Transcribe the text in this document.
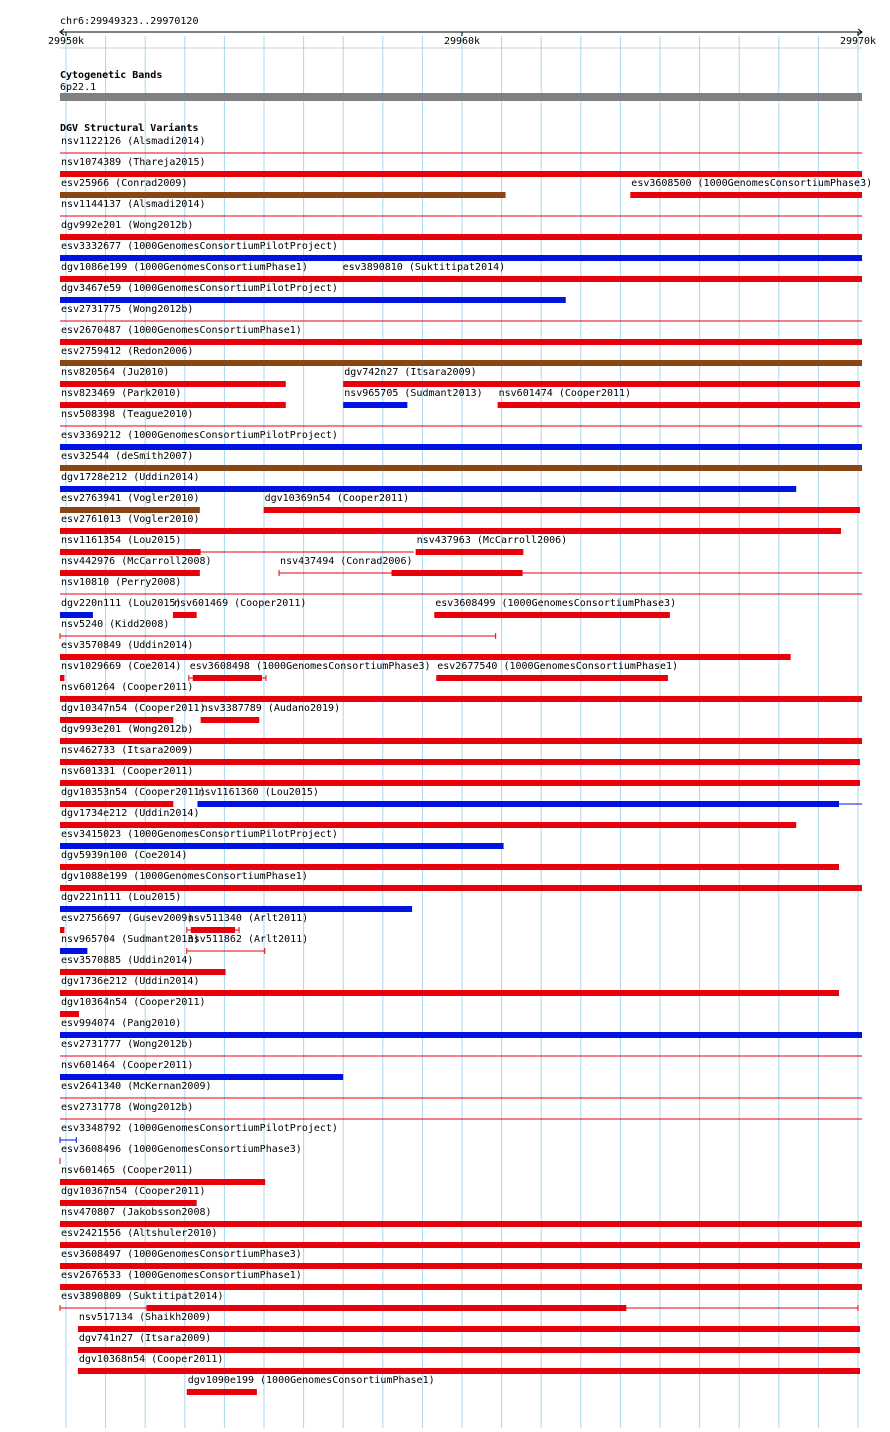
chr6:29949323..29970120
29950k	29960k	29970k
Cytogenetic Bands
6p22.1
DGV Structural Variants
nsv1122126 (Alsmadi2014)
nsv1074389 (Thareja2015)
esv25966 (Conrad2009)	esv3608500 (1000GenomesConsortiumPhase3)
nsv1144137 (Alsmadi2014)
dgv992e201 (Wong2012b)
esv3332677 (1000GenomesConsortiumPilotProject)
dgv1086e199 (1000GenomesConsortiumPhase1)	esv3890810 (Suktitipat2014)
dgv3467e59 (1000GenomesConsortiumPilotProject)
esv2731775 (Wong2012b)
esv2670487 (1000GenomesConsortiumPhase1)
esv2759412 (Redon2006)
nsv820564 (Ju2010)	dgv742n27 (Itsara2009)
nsv823469 (Park2010)	nsv965705 (Sudmant2013) nsv601474 (Cooper2011)
nsv508398 (Teague2010)
esv3369212 (1000GenomesConsortiumPilotProject)
esv32544 (deSmith2007)
dgv1728e212 (Uddin2014)
esv2763941 (Vogler2010)	dgv10369n54 (Cooper2011)
esv2761013 (Vogler2010)
nsv1161354 (Lou2015)	nsv437963 (McCarroll2006)
nsv442976 (McCarroll2008)	nsv437494 (Conrad2006)
nsv10810 (Perry2008)
dgv220n111 (Lou2015)
nsv601469 (Cooper2011)	esv3608499 (1000GenomesConsortiumPhase3)
nsv5240 (Kidd2008)
esv3570849 (Uddin2014)
nsv1029669 (Coe2014) esv3608498 (1000GenomesConsortiumPhase3) esv2677540 (1000GenomesConsortiumPhase1)
nsv601264 (Cooper2011)
dgv10347n54 (Cooper2011)
nsv3387789 (Audano2019)
dgv993e201 (Wong2012b)
nsv462733 (Itsara2009)
nsv601331 (Cooper2011)
dgv10353n54 (Cooper2011)
nsv1161360 (Lou2015)
dgv1734e212 (Uddin2014)
esv3415023 (1000GenomesConsortiumPilotProject)
dgv5939n100 (Coe2014)
dgv1088e199 (1000GenomesConsortiumPhase1)
dgv221n111 (Lou2015)
esv2756697 (Gusev2009)
nsv511340 (Arlt2011)
nsv965704 (Sudmant2013)
nsv511862 (Arlt2011)
esv3570885 (Uddin2014)
dgv1736e212 (Uddin2014)
dgv10364n54 (Cooper2011)
esv994074 (Pang2010)
esv2731777 (Wong2012b)
nsv601464 (Cooper2011)
esv2641340 (McKernan2009)
esv2731778 (Wong2012b)
esv3348792 (1000GenomesConsortiumPilotProject)
esv3608496 (1000GenomesConsortiumPhase3)
nsv601465 (Cooper2011)
dgv10367n54 (Cooper2011)
nsv470807 (Jakobsson2008)
esv2421556 (Altshuler2010)
esv3608497 (1000GenomesConsortiumPhase3)
esv2676533 (1000GenomesConsortiumPhase1)
esv3890809 (Suktitipat2014)
nsv517134 (Shaikh2009)
dgv741n27 (Itsara2009)
dgv10368n54 (Cooper2011)
dgv1090e199 (1000GenomesConsortiumPhase1)
